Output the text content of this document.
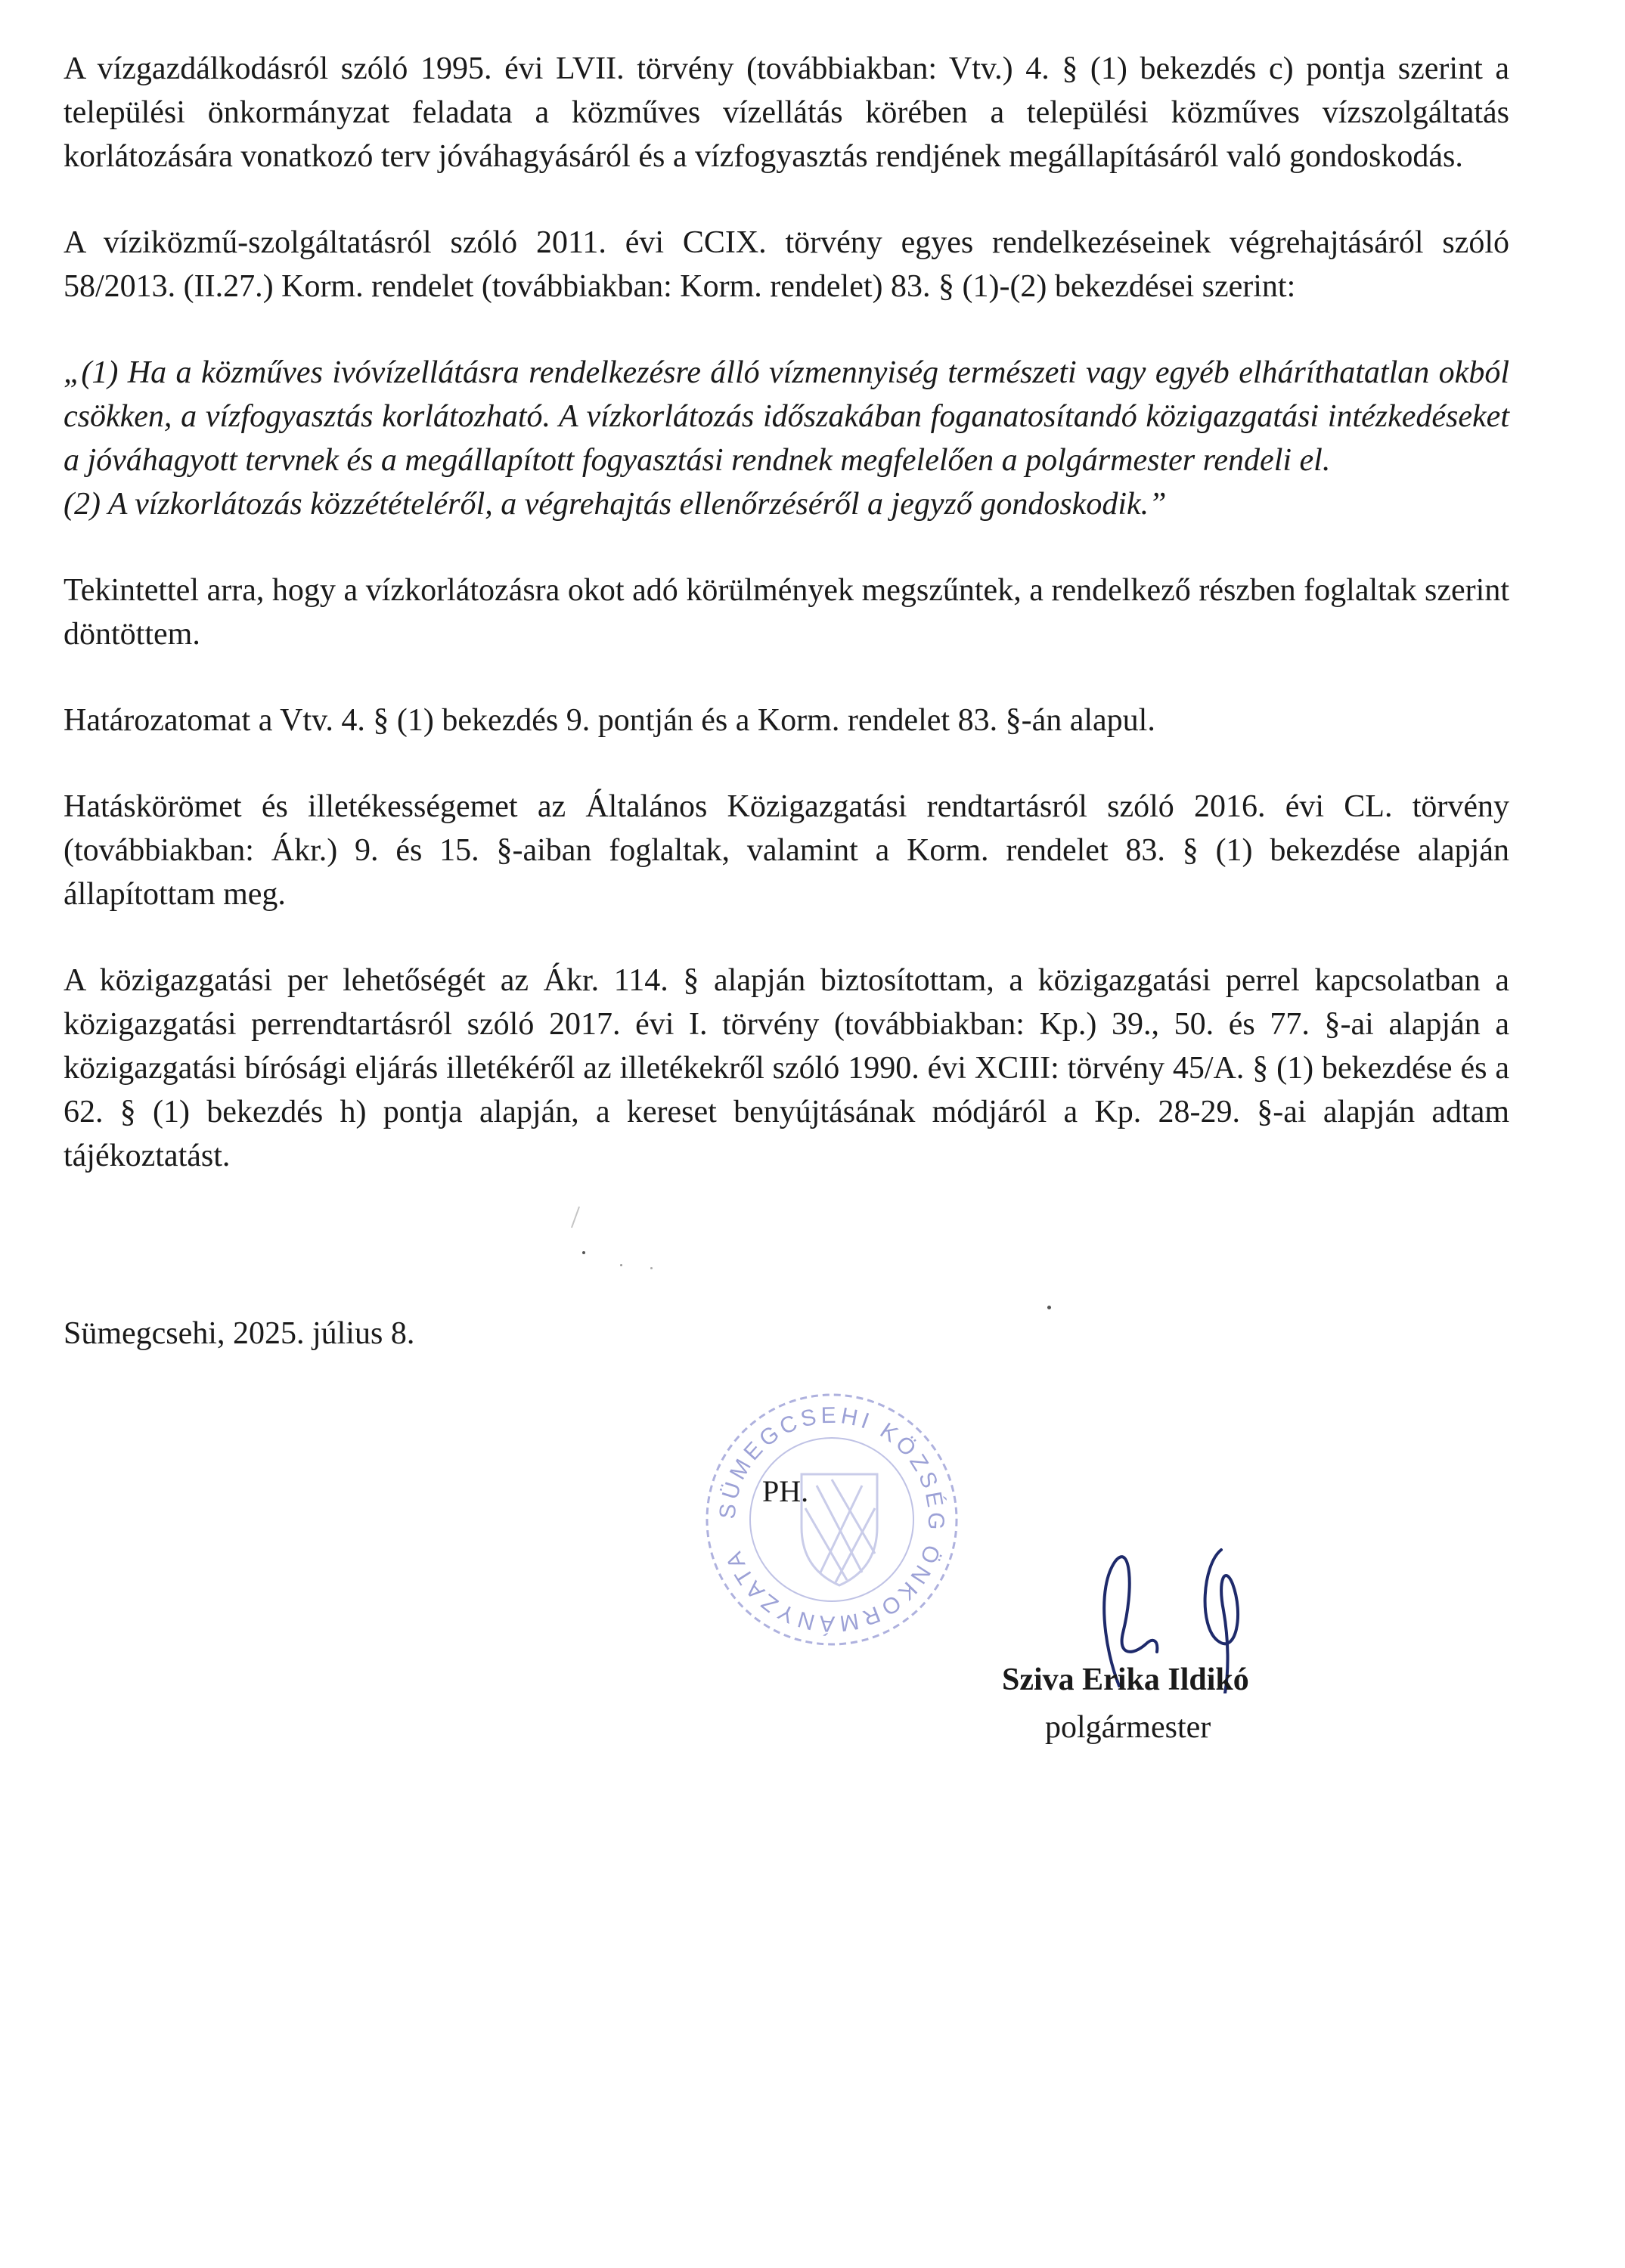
A vízgazdálkodásról szóló 1995. évi LVII. törvény (továbbiakban: Vtv.) 4. § (1) bekezdés c) pontja szerint a települési önkormányzat feladata a közműves vízellátás körében a települési közműves vízszolgáltatás korlátozására vonatkozó terv jóváhagyásáról és a vízfogyasztás rendjének megállapításáról való gondoskodás.

A víziközmű-szolgáltatásról szóló 2011. évi CCIX. törvény egyes rendelkezéseinek végrehajtásáról szóló 58/2013. (II.27.) Korm. rendelet (továbbiakban: Korm. rendelet) 83. § (1)-(2) bekezdései szerint:

„(1) Ha a közműves ivóvízellátásra rendelkezésre álló vízmennyiség természeti vagy egyéb elháríthatatlan okból csökken, a vízfogyasztás korlátozható. A vízkorlátozás időszakában foganatosítandó közigazgatási intézkedéseket a jóváhagyott tervnek és a megállapított fogyasztási rendnek megfelelően a polgármester rendeli el.

(2) A vízkorlátozás közzétételéről, a végrehajtás ellenőrzéséről a jegyző gondoskodik.”

Tekintettel arra, hogy a vízkorlátozásra okot adó körülmények megszűntek, a rendelkező részben foglaltak szerint döntöttem.

Határozatomat a Vtv. 4. § (1) bekezdés 9. pontján és a Korm. rendelet 83. §-án alapul.

Hatáskörömet és illetékességemet az Általános Közigazgatási rendtartásról szóló 2016. évi CL. törvény (továbbiakban: Ákr.) 9. és 15. §-aiban foglaltak, valamint a Korm. rendelet 83. § (1) bekezdése alapján állapítottam meg.

A közigazgatási per lehetőségét az Ákr. 114. § alapján biztosítottam, a közigazgatási perrel kapcsolatban a közigazgatási perrendtartásról szóló 2017. évi I. törvény (továbbiakban: Kp.) 39., 50. és 77. §-ai alapján a közigazgatási bírósági eljárás illetékéről az illetékekről szóló 1990. évi XCIII: törvény 45/A. § (1) bekezdése és a 62. § (1) bekezdés h) pontja alapján, a kereset benyújtásának módjáról a Kp. 28-29. §-ai alapján adtam tájékoztatást.

Sümegcsehi, 2025. július 8.

SÜMEGCSEHI KÖZSÉG ÖNKORMÁNYZATA

PH.

Sziva Erika Ildikó

polgármester
